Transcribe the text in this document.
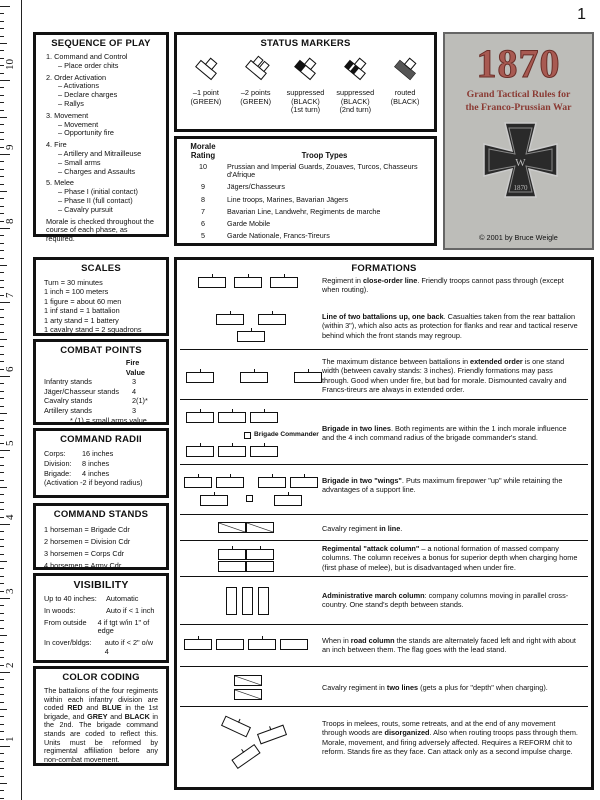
1
10
9
8
7
6
5
4
3
2
1
SEQUENCE OF PLAY
1. Command and Control
– Place order chits
2. Order Activation
– Activations
– Declare charges
– Rallys
3. Movement
– Movement
– Opportunity fire
4. Fire
– Artillery and Mitrailleuse
– Small arms
– Charges and Assaults
5. Melee
– Phase I (initial contact)
– Phase II (full contact)
– Cavalry pursuit
Morale is checked throughout the course of each phase, as required.
STATUS MARKERS
–1 point
(GREEN)
–2 points
(GREEN)
suppressed
(BLACK)
(1st turn)
suppressed
(BLACK)
(2nd turn)
routed
(BLACK)
Morale
Rating	Troop Types
10	Prussian and Imperial Guards, Zouaves, Turcos, Chasseurs d'Afrique
9	Jägers/Chasseurs
8	Line troops, Marines, Bavarian Jägers
7	Bavarian Line, Landwehr, Regiments de marche
6	Garde Mobile
5	Garde Nationale, Francs-Tireurs
1870
Grand Tactical Rules for
the Franco-Prussian War
W
1870
© 2001 by Bruce Weigle
SCALES
Turn = 30 minutes
1 inch = 100 meters
1 figure = about 60 men
1 inf stand = 1 battalion
1 arty stand = 1 battery
1 cavalry stand = 2 squadrons
COMBAT POINTS
Fire Value
Infantry stands	3
Jäger/Chasseur stands	4
Cavalry stands	2(1)*
Artillery stands	3
* (1) = small arms value
COMMAND RADII
Corps:	16 inches
Division:	8 inches
Brigade:	4 inches
(Activation -2 if beyond radius)
COMMAND STANDS
1 horseman = Brigade Cdr
2 horsemen = Division Cdr
3 horsemen = Corps Cdr
4 horsemen = Army Cdr
VISIBILITY
Up to 40 inches:	Automatic
In woods:	Auto if < 1 inch
From outside	4 if tgt w/in 1" of edge
In cover/bldgs:	auto if < 2" o/w 4
COLOR CODING
The battalions of the four regiments within each infantry division are coded RED and BLUE in the 1st brigade, and GREY and BLACK in the 2nd. The brigade command stands are coded to reflect this. Units must be reformed by regimental affiliation before any non-combat movement.
FORMATIONS
Regiment in close-order line. Friendly troops cannot pass through (except when routing).
Line of two battalions up, one back. Casualties taken from the rear battalion (within 3"), which also acts as protection for flanks and rear and tactical reserve behind which the front stands may regroup.
The maximum distance between battalions in extended order is one stand width (between cavalry stands: 3 inches). Friendly formations may pass through. Good when under fire, but bad for morale. Dismounted cavalry and Francs-tireurs are always in extended order.
Brigade Commander
Brigade in two lines. Both regiments are within the 1 inch morale influence and the 4 inch command radius of the brigade commander's stand.
Brigade in two "wings". Puts maximum firepower "up" while retaining the advantages of a support line.
Cavalry regiment in line.
Regimental "attack column" – a notional formation of massed company columns. The column receives a bonus for superior depth when charging home (first phase of melee), but is disadvantaged when under fire.
Administrative march column: company columns moving in parallel cross-country. One stand's depth between stands.
When in road column the stands are alternately faced left and right with about an inch between them. The flag goes with the lead stand.
Cavalry regiment in two lines (gets a plus for "depth" when charging).
Troops in melees, routs, some retreats, and at the end of any movement through woods are disorganized. Also when routing troops pass through them. Morale, movement, and firing adversely affected. Requires a REFORM chit to reform. Stands fire as they face. Can attack only as a second impulse charge.
